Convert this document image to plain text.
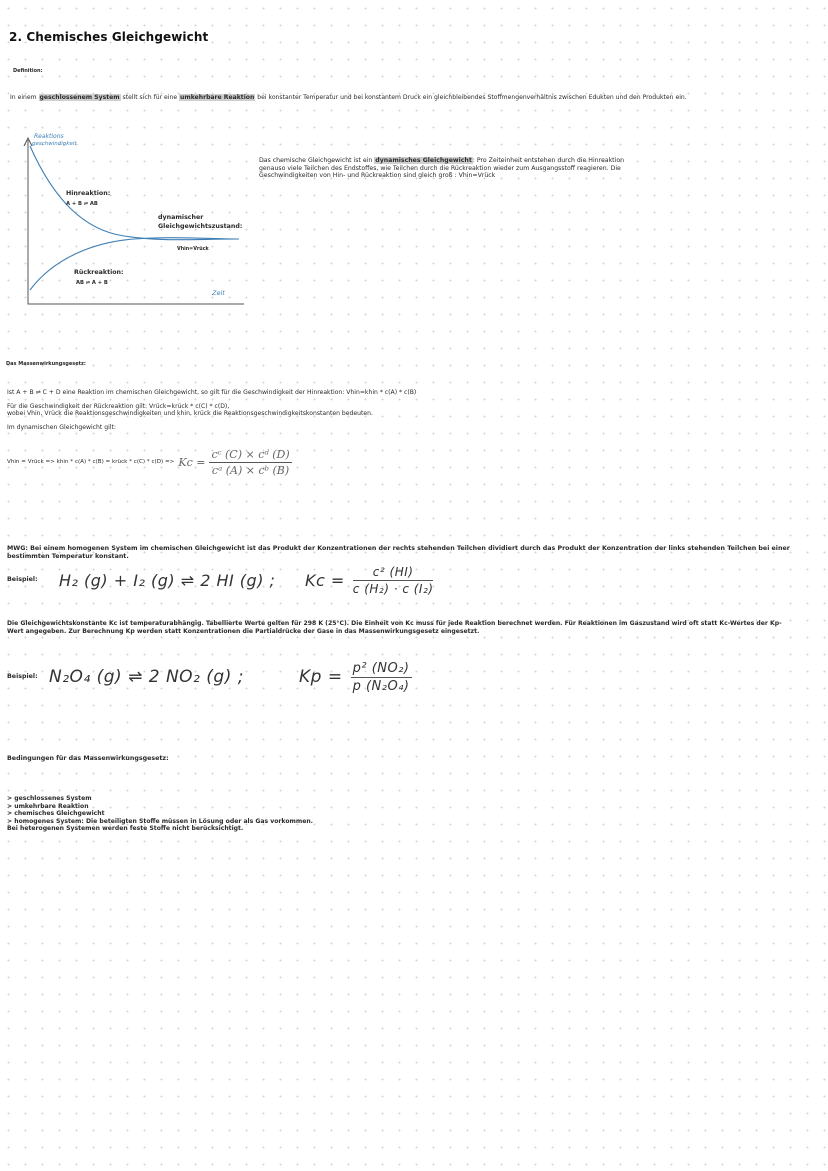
2. Chemisches Gleichgewicht
Definition:
In einem geschlossenem System stellt sich für eine umkehrbare Reaktion bei konstanter Temperatur und bei konstantem Druck ein gleichbleibendes Stoffmengenverhältnis zwischen Edukten und den Produkten ein.
Reaktions
geschwindigkeit
Zeit
Hinreaktion:
A + B ⇌ AB
Rückreaktion:
AB ⇌ A + B
dynamischer
Gleichgewichtszustand:
Vhin=Vrück
Das chemische Gleichgewicht ist ein dynamisches Gleichgewicht: Pro Zeiteinheit entstehen durch die Hinreaktion genauso viele Teilchen des Endstoffes, wie Teilchen durch die Rückreaktion wieder zum Ausgangsstoff reagieren. Die Geschwindigkeiten von Hin- und Rückreaktion sind gleich groß : Vhin=Vrück
Das Massenwirkungsgesetz:
Ist A + B ⇌ C + D eine Reaktion im chemischen Gleichgewicht, so gilt für die Geschwindigkeit der Hinreaktion: Vhin=khin * c(A) * c(B)
Für die Geschwindigkeit der Rückreaktion gilt: Vrück=krück * c(C) * c(D),
wobei Vhin, Vrück die Reaktionsgeschwindigkeiten und khin, krück die Reaktionsgeschwindigkeitskonstanten bedeuten.
Im dynamischen Gleichgewicht gilt:
Vhin = Vrück => khin * c(A) * c(B) = krück * $c(C) * c(D) => Kc = \frac{\text{cᶜ (C) × cᵈ (D)}}{\text{cᵃ (A) × cᵇ (B)}}$
MWG: Bei einem homogenen System im chemischen Gleichgewicht ist das Produkt der Konzentrationen der rechts stehenden Teilchen dividiert durch das Produkt der Konzentration der links stehenden Teilchen bei einer bestimmten Temperatur konstant.
Beispiel:	H₂ (g) + I₂ (g) ⇌ 2 HI (g) ;	$Kc = \frac{\text{c² (HI)}}{\text{c (H₂) · c (I₂)}}$
Die Gleichgewichtskonstante Kc ist temperaturabhängig. Tabellierte Werte gelten für 298 K (25°C). Die Einheit von Kc muss für jede Reaktion berechnet werden. Für Reaktionen im Gaszustand wird oft statt Kc-Wertes der Kp-Wert angegeben. Zur Berechnung Kp werden statt Konzentrationen die Partialdrücke der Gase in das Massenwirkungsgesetz eingesetzt.
Beispiel: N₂O₄ (g) ⇌ 2 NO₂ (g) ;	$Kp = \frac{\text{p² (NO₂)}}{\text{p (N₂O₄)}}$
Bedingungen für das Massenwirkungsgesetz:
> geschlossenes System
> umkehrbare Reaktion
> chemisches Gleichgewicht
> homogenes System: Die beteiligten Stoffe müssen in Lösung oder als Gas vorkommen.
Bei heterogenen Systemen werden feste Stoffe nicht berücksichtigt.
